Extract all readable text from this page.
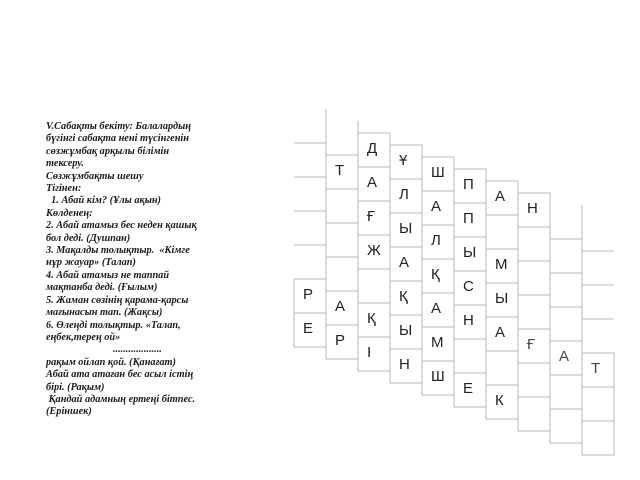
V.Сабақты бекіту: Балалардың
бүгінгі сабақта нені түсінгенін
сөзжұмбақ арқылы білімін
тексеру.
Сөзжұмбақты шешу
Тігінен:
1. Абай кім? (Ұлы ақын)
Көлденең:
2. Абай атамыз бес неден қашық
бол деді. (Душпан)
3. Мақалды толықтыр.  «Кімге
нұр жауар» (Талап)
4. Абай атамыз не таппай
мақтанба деді. (Ғылым)
5. Жаман сөзінің қарама-қарсы
мағынасын тап. (Жақсы)
6. Өлеңді толықтыр. «Талап,
еңбек,терең ой»
...................
рақым ойлап қой. (Қанағат)
Абай ата атаған бес асыл істің
бірі. (Рақым)
Қандай адамның ертеңі бітпес.
(Еріншек)
Д
Ұ
Ш
П
А
Н
Т
А
Л
А
П
Ғ
Ы
Л
Ы
М
Ж
А
Қ
С
Ы
Қ
А
Н
А
Ғ
А
Т
Р
А
Қ
Ы
М
Е
Р
І
Н
Ш
Е
К
